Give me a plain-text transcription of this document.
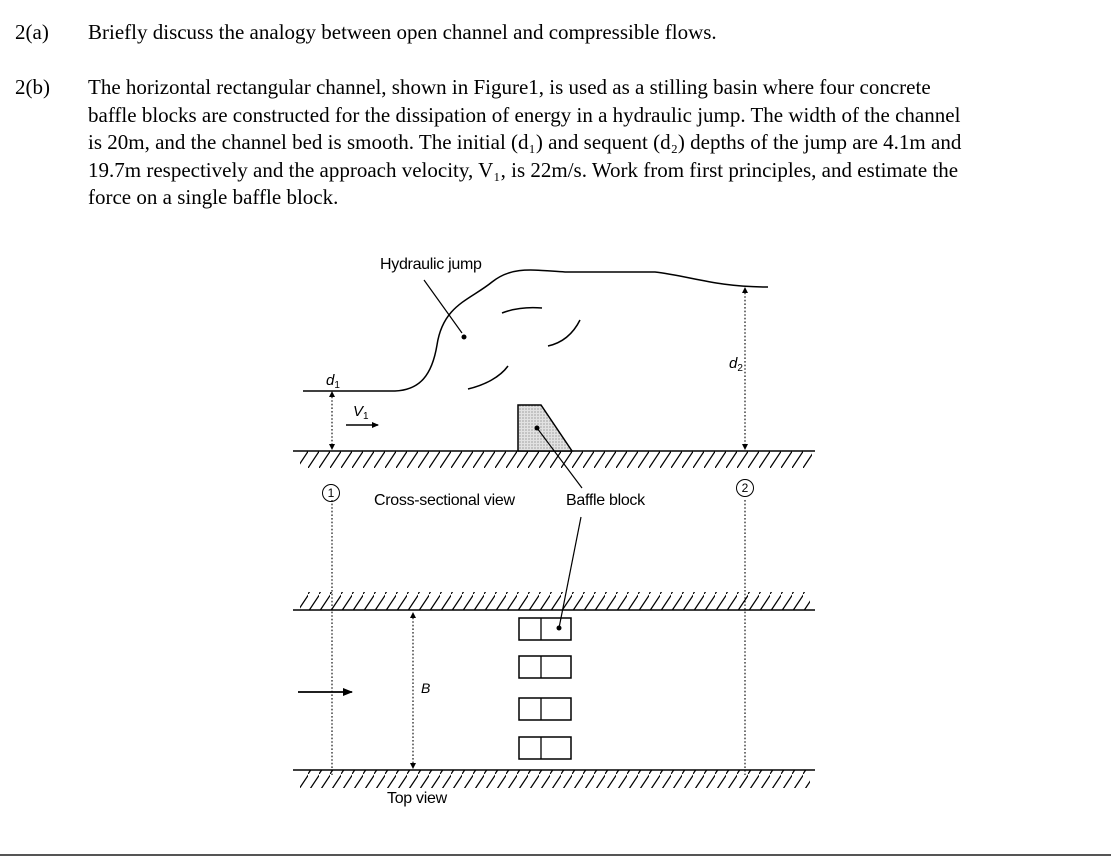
2(a) Briefly discuss the analogy between open channel and compressible flows.
2(b) The horizontal rectangular channel, shown in Figure1, is used as a stilling basin where four concrete
baffle blocks are constructed for the dissipation of energy in a hydraulic jump. The width of the channel
is 20m, and the channel bed is smooth. The initial (d₁) and sequent (d₂) depths of the jump are 4.1m and
19.7m respectively and the approach velocity, V₁, is 22m/s. Work from first principles, and estimate the
force on a single baffle block.
Hydraulic jump
Cross-sectional view	Baffle block
Top view
$d_1$
$V_1$
$d_2$
B
1	2
